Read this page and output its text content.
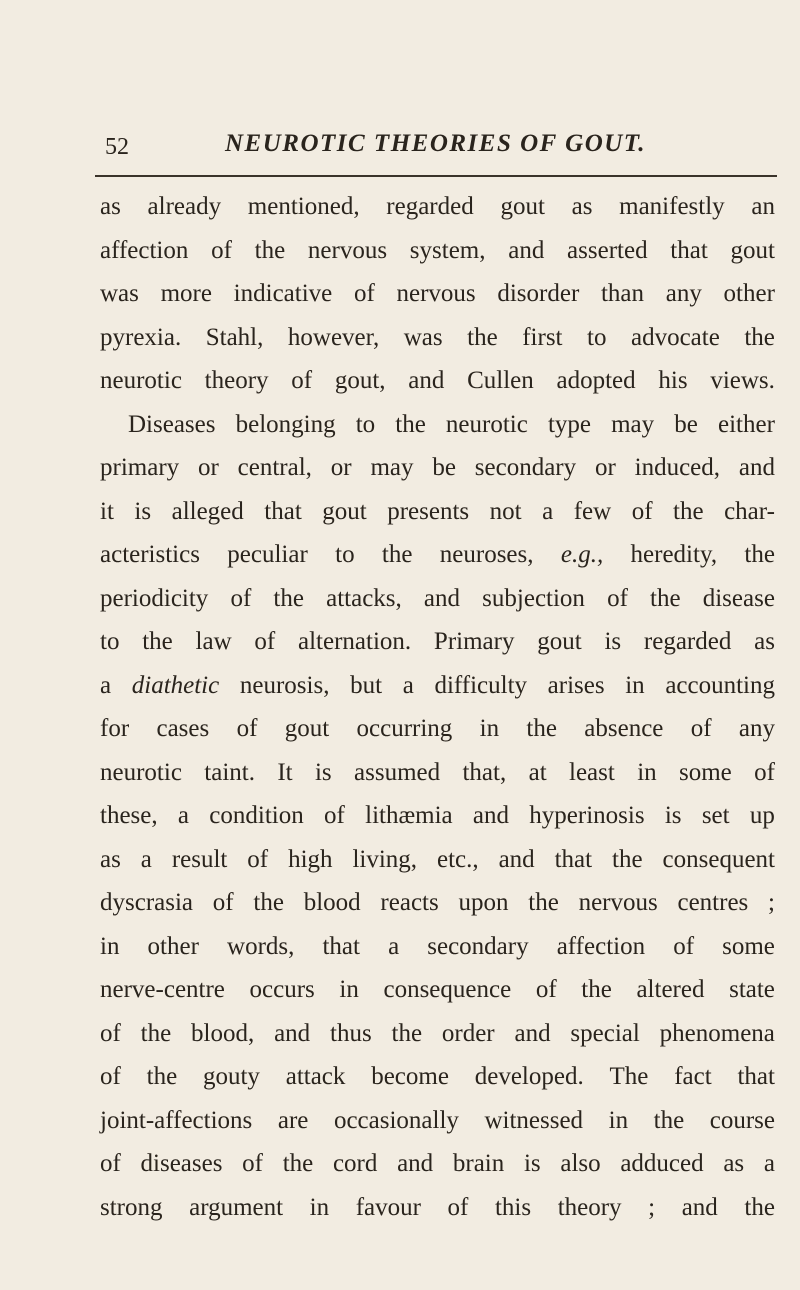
52	NEUROTIC THEORIES OF GOUT.
as already mentioned, regarded gout as manifestly an
affection of the nervous system, and asserted that gout
was more indicative of nervous disorder than any other
pyrexia. Stahl, however, was the first to advocate the
neurotic theory of gout, and Cullen adopted his views.
Diseases belonging to the neurotic type may be either
primary or central, or may be secondary or induced, and
it is alleged that gout presents not a few of the char-
acteristics peculiar to the neuroses, e.g., heredity, the
periodicity of the attacks, and subjection of the disease
to the law of alternation. Primary gout is regarded as
a diathetic neurosis, but a difficulty arises in accounting
for cases of gout occurring in the absence of any
neurotic taint. It is assumed that, at least in some of
these, a condition of lithæmia and hyperinosis is set up
as a result of high living, etc., and that the consequent
dyscrasia of the blood reacts upon the nervous centres ;
in other words, that a secondary affection of some
nerve-centre occurs in consequence of the altered state
of the blood, and thus the order and special phenomena
of the gouty attack become developed. The fact that
joint-affections are occasionally witnessed in the course
of diseases of the cord and brain is also adduced as a
strong argument in favour of this theory ; and the
